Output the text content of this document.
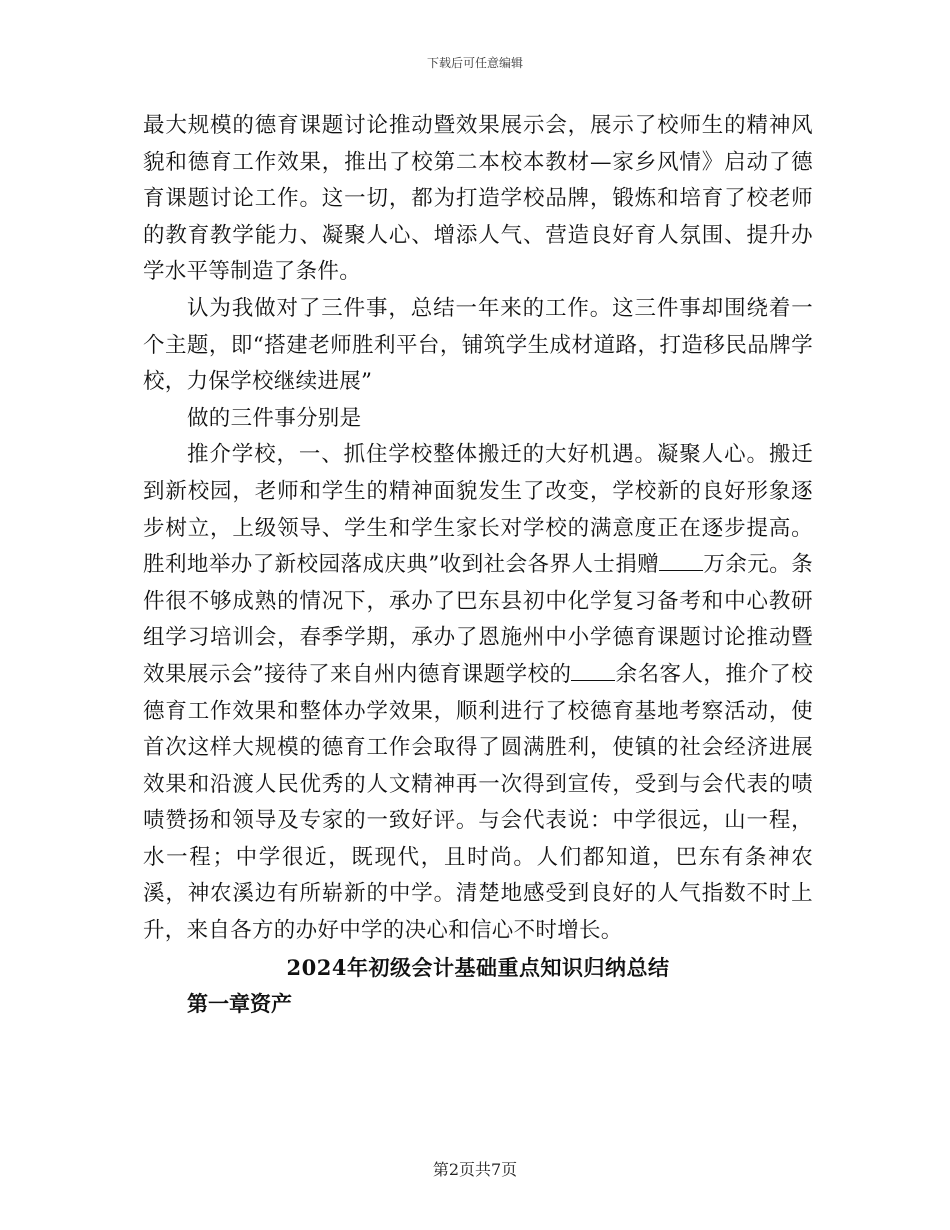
下载后可任意编辑

最大规模的德育课题讨论推动暨效果展示会，展示了校师生的精神风貌和德育工作效果，推出了校第二本校本教材—家乡风情》启动了德育课题讨论工作。这一切，都为打造学校品牌，锻炼和培育了校老师的教育教学能力、凝聚人心、增添人气、营造良好育人氛围、提升办学水平等制造了条件。

认为我做对了三件事，总结一年来的工作。这三件事却围绕着一个主题，即“搭建老师胜利平台，铺筑学生成材道路，打造移民品牌学校，力保学校继续进展”

做的三件事分别是

推介学校，一、抓住学校整体搬迁的大好机遇。凝聚人心。搬迁到新校园，老师和学生的精神面貌发生了改变，学校新的良好形象逐步树立，上级领导、学生和学生家长对学校的满意度正在逐步提高。胜利地举办了新校园落成庆典”收到社会各界人士捐赠 万余元。条件很不够成熟的情况下，承办了巴东县初中化学复习备考和中心教研组学习培训会，春季学期，承办了恩施州中小学德育课题讨论推动暨效果展示会”接待了来自州内德育课题学校的 余名客人，推介了校德育工作效果和整体办学效果，顺利进行了校德育基地考察活动，使首次这样大规模的德育工作会取得了圆满胜利，使镇的社会经济进展效果和沿渡人民优秀的人文精神再一次得到宣传，受到与会代表的啧啧赞扬和领导及专家的一致好评。与会代表说：中学很远，山一程，水一程；中学很近，既现代，且时尚。人们都知道，巴东有条神农溪，神农溪边有所崭新的中学。清楚地感受到良好的人气指数不时上升，来自各方的办好中学的决心和信心不时增长。

2024年初级会计基础重点知识归纳总结

第一章资产

第2页共7页
